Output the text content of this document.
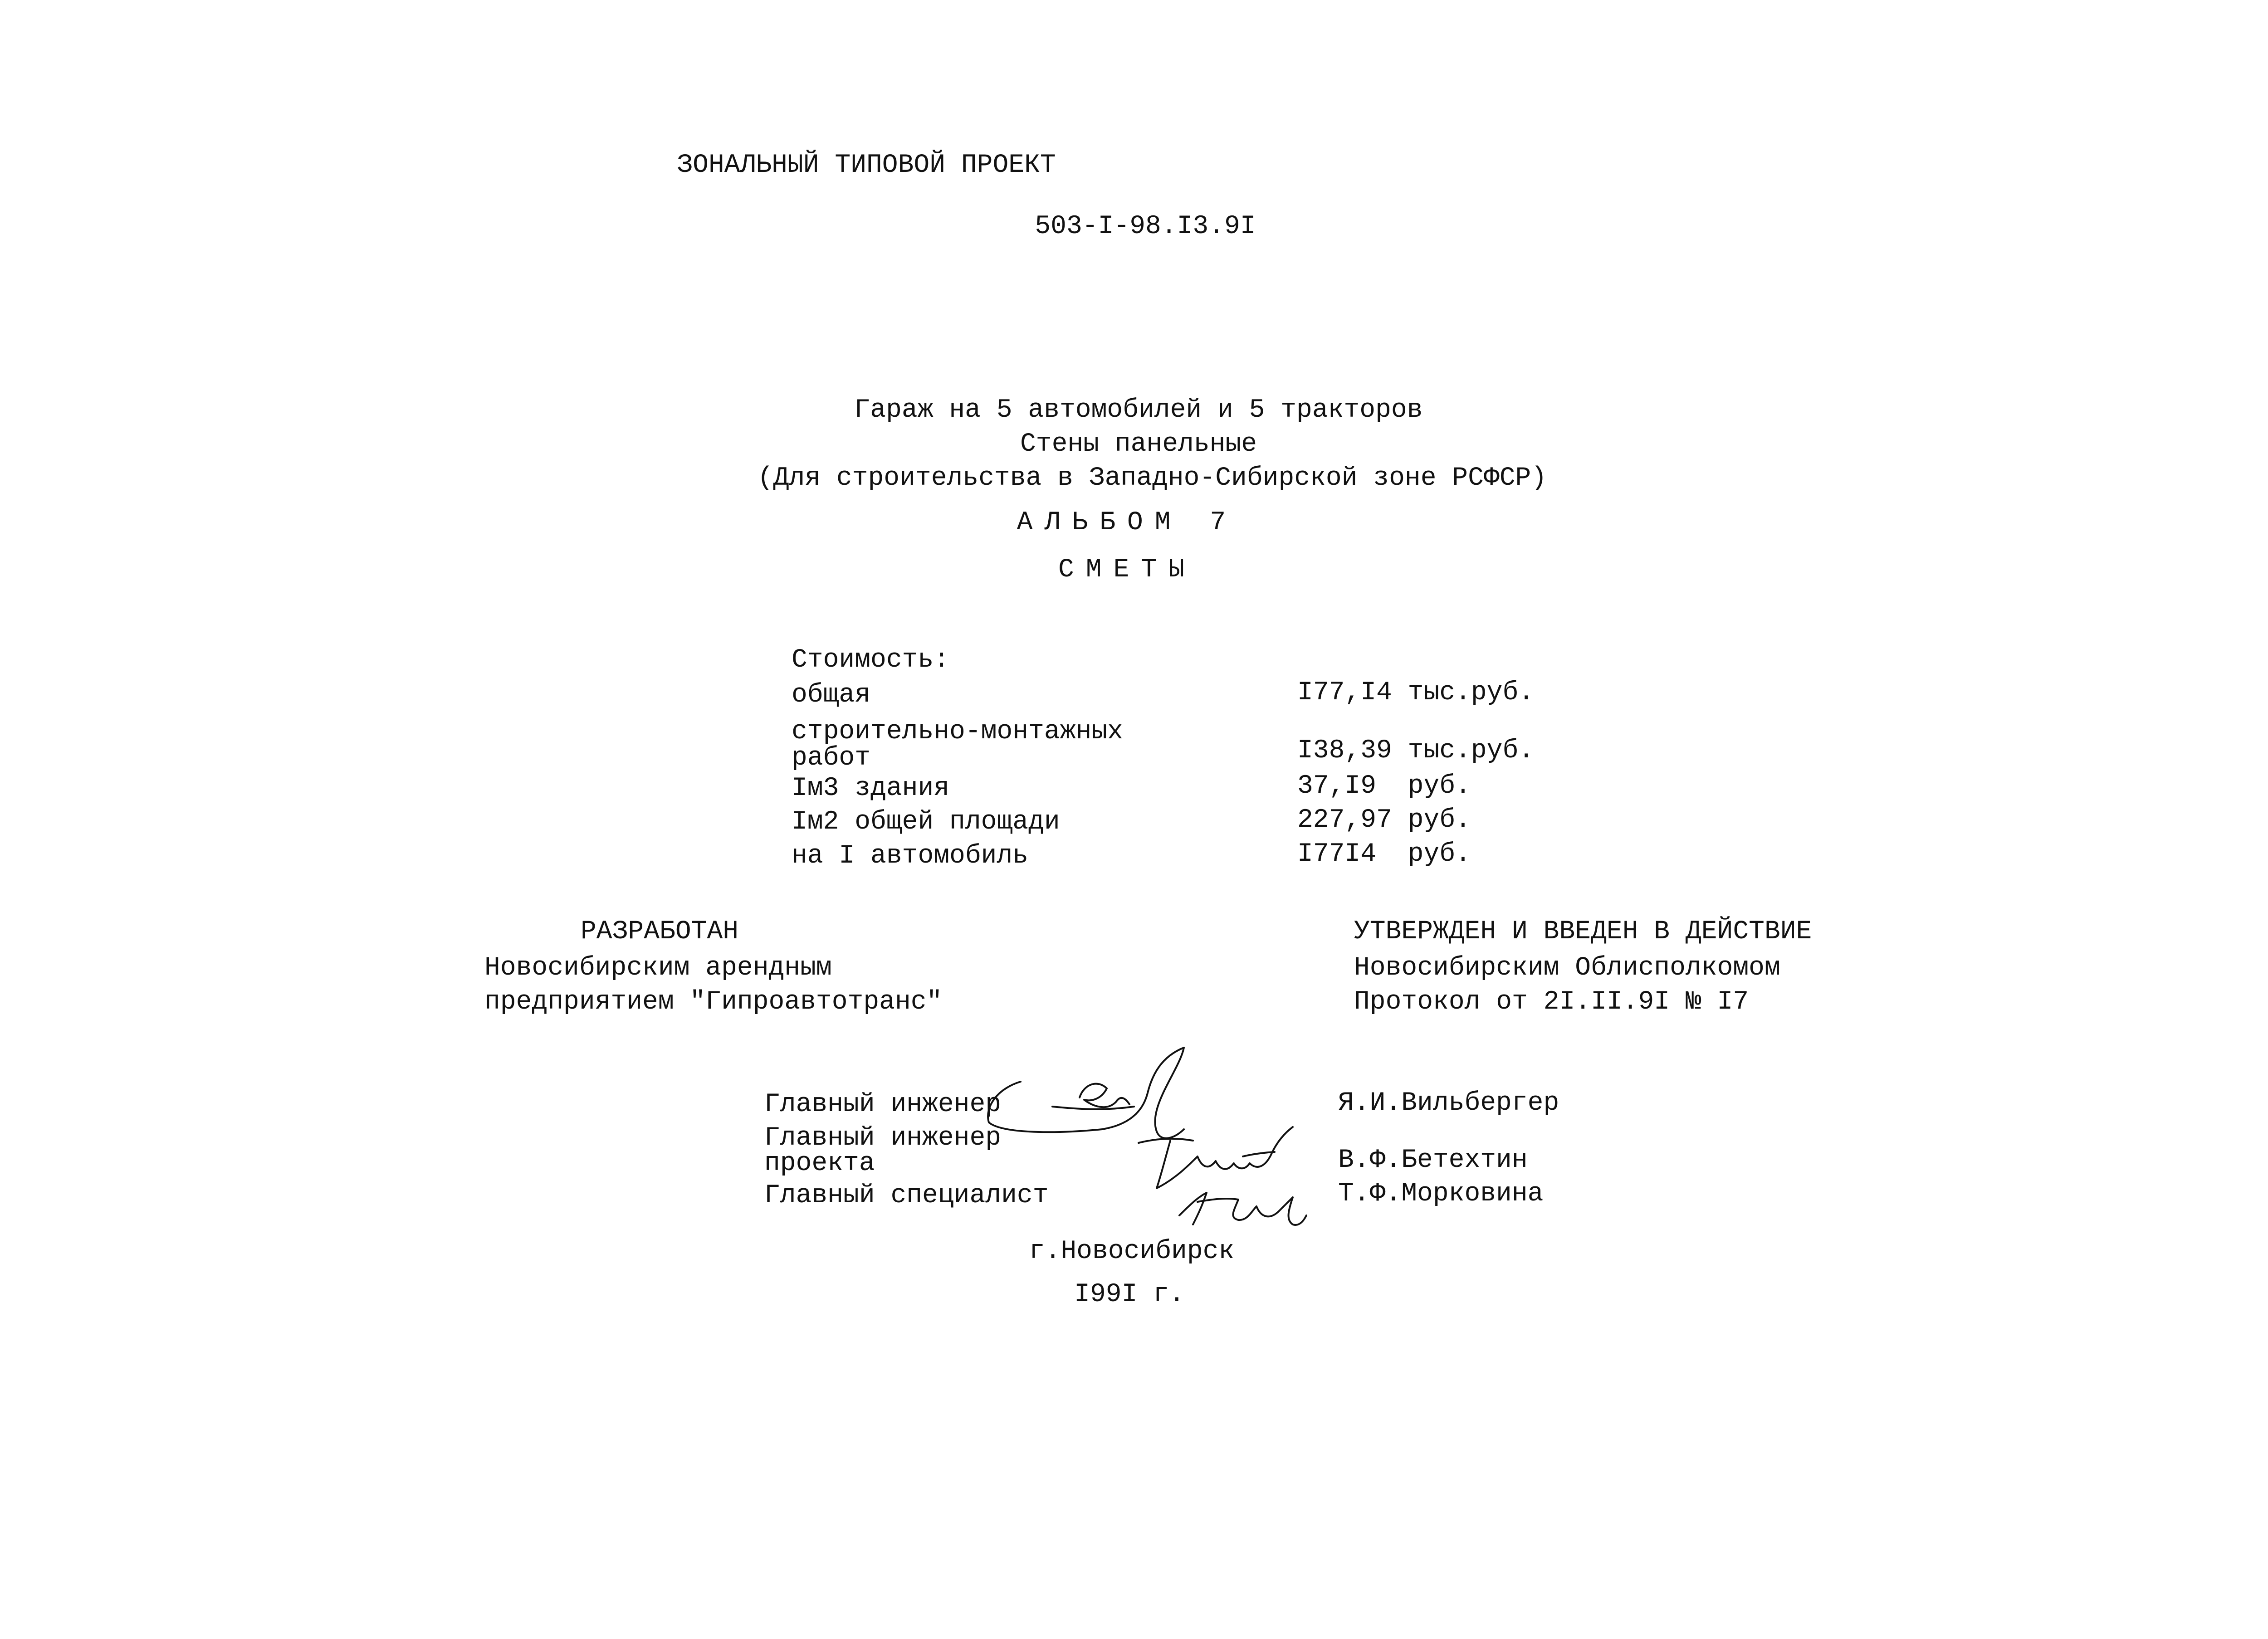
ЗОНАЛЬНЫЙ ТИПОВОЙ ПРОЕКТ
503-I-98.I3.9I
Гараж на 5 автомобилей и 5 тракторов
Стены панельные
(Для строительства в Западно-Сибирской зоне РСФСР)
АЛЬБОМ 7
СМЕТЫ
Стоимость:
общая	I77,I4 тыс.руб.
строительно-монтажных
работ	I38,39 тыс.руб.
Iм3 здания	37,I9  руб.
Iм2 общей площади	227,97 руб.
на I автомобиль	I77I4  руб.
РАЗРАБОТАН
Новосибирским арендным
предприятием "Гипроавтотранс"
УТВЕРЖДЕН И ВВЕДЕН В ДЕЙСТВИЕ
Новосибирским Облисполкомом
Протокол от 2I.II.9I № I7
Главный инженер	Я.И.Вильбергер
Главный инженер
проекта	В.Ф.Бетехтин
Главный специалист	Т.Ф.Морковина
г.Новосибирск
I99I г.
